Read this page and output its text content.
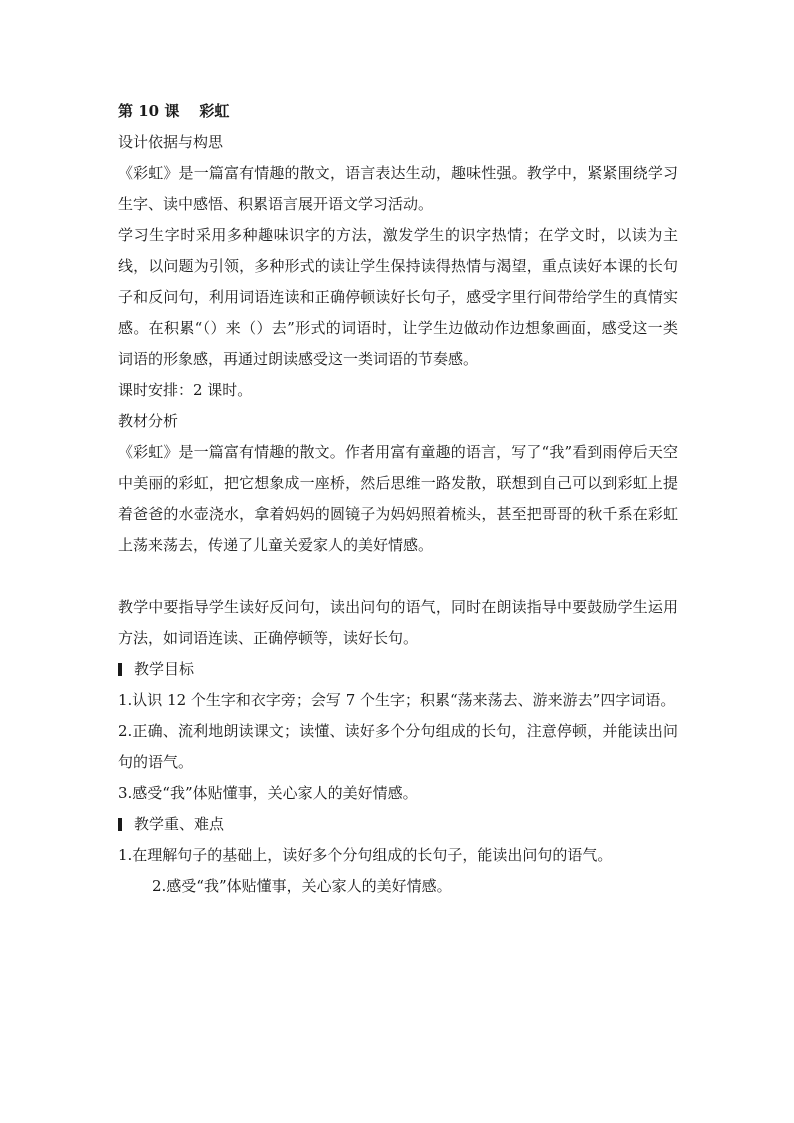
第 10 课 彩虹

设计依据与构思

《彩虹》是一篇富有情趣的散文，语言表达生动，趣味性强。教学中，紧紧围绕学习生字、读中感悟、积累语言展开语文学习活动。

学习生字时采用多种趣味识字的方法，激发学生的识字热情；在学文时，以读为主线，以问题为引领，多种形式的读让学生保持读得热情与渴望，重点读好本课的长句子和反问句，利用词语连读和正确停顿读好长句子，感受字里行间带给学生的真情实感。在积累“（）来（）去”形式的词语时，让学生边做动作边想象画面，感受这一类词语的形象感，再通过朗读感受这一类词语的节奏感。

课时安排：2 课时。

教材分析

《彩虹》是一篇富有情趣的散文。作者用富有童趣的语言，写了“我”看到雨停后天空中美丽的彩虹，把它想象成一座桥，然后思维一路发散，联想到自己可以到彩虹上提着爸爸的水壶浇水，拿着妈妈的圆镜子为妈妈照着梳头，甚至把哥哥的秋千系在彩虹上荡来荡去，传递了儿童关爱家人的美好情感。

教学中要指导学生读好反问句，读出问句的语气，同时在朗读指导中要鼓励学生运用方法，如词语连读、正确停顿等，读好长句。

教学目标

1.认识 12 个生字和衣字旁；会写 7 个生字；积累“荡来荡去、游来游去”四字词语。

2.正确、流利地朗读课文；读懂、读好多个分句组成的长句，注意停顿，并能读出问句的语气。

3.感受“我”体贴懂事，关心家人的美好情感。

教学重、难点

1.在理解句子的基础上，读好多个分句组成的长句子，能读出问句的语气。

2.感受“我”体贴懂事，关心家人的美好情感。
